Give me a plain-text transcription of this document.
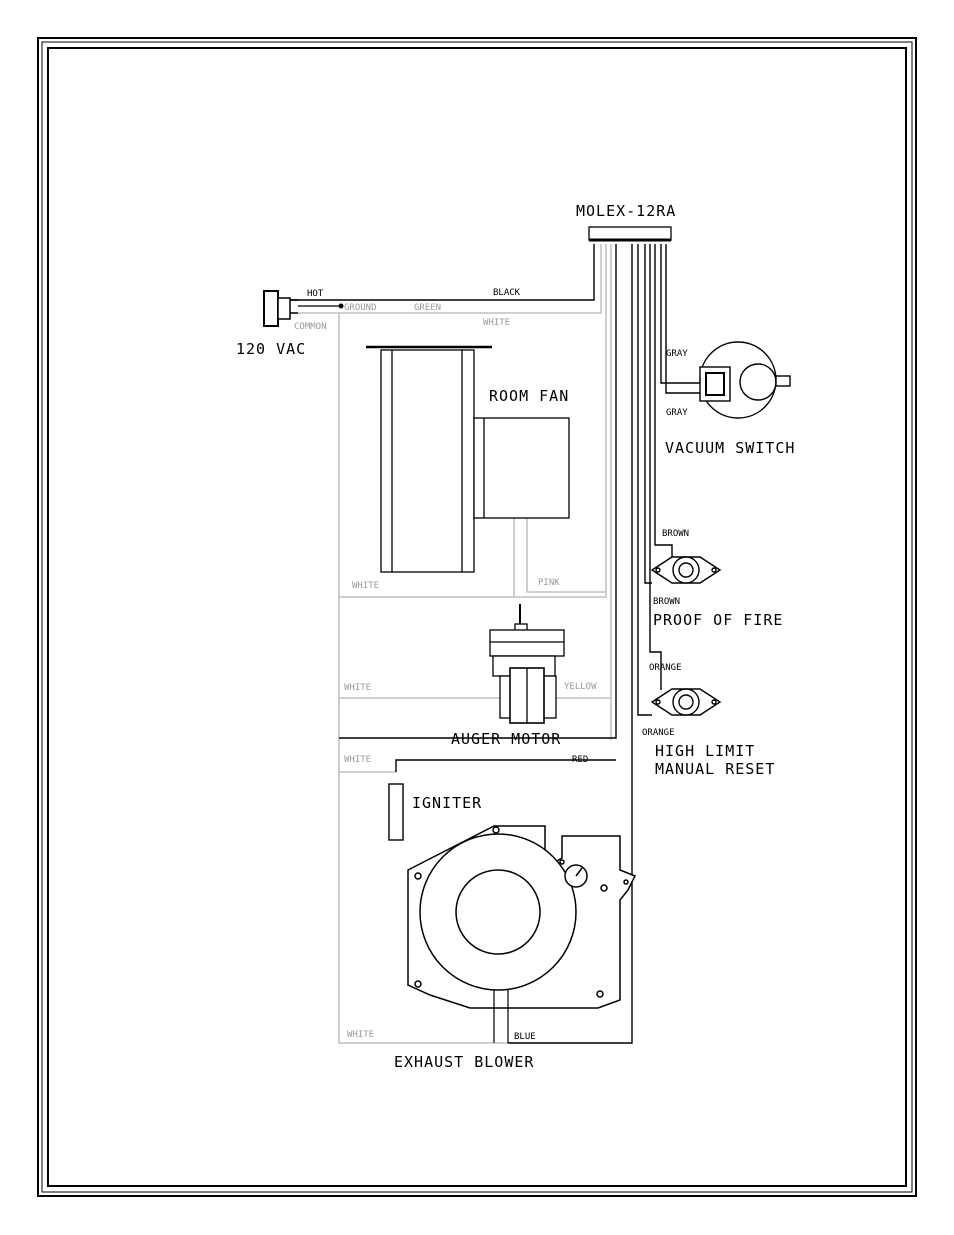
MOLEX-12RA
120 VAC
ROOM FAN
VACUUM SWITCH
PROOF OF FIRE
HIGH LIMIT
MANUAL RESET
AUGER MOTOR
IGNITER
EXHAUST BLOWER
HOT
GROUND	GREEN
BLACK
COMMON	WHITE
GRAY
GRAY
BROWN
BROWN
ORANGE
ORANGE
WHITE	PINK
WHITE	YELLOW
WHITE	RED
WHITE	BLUE
